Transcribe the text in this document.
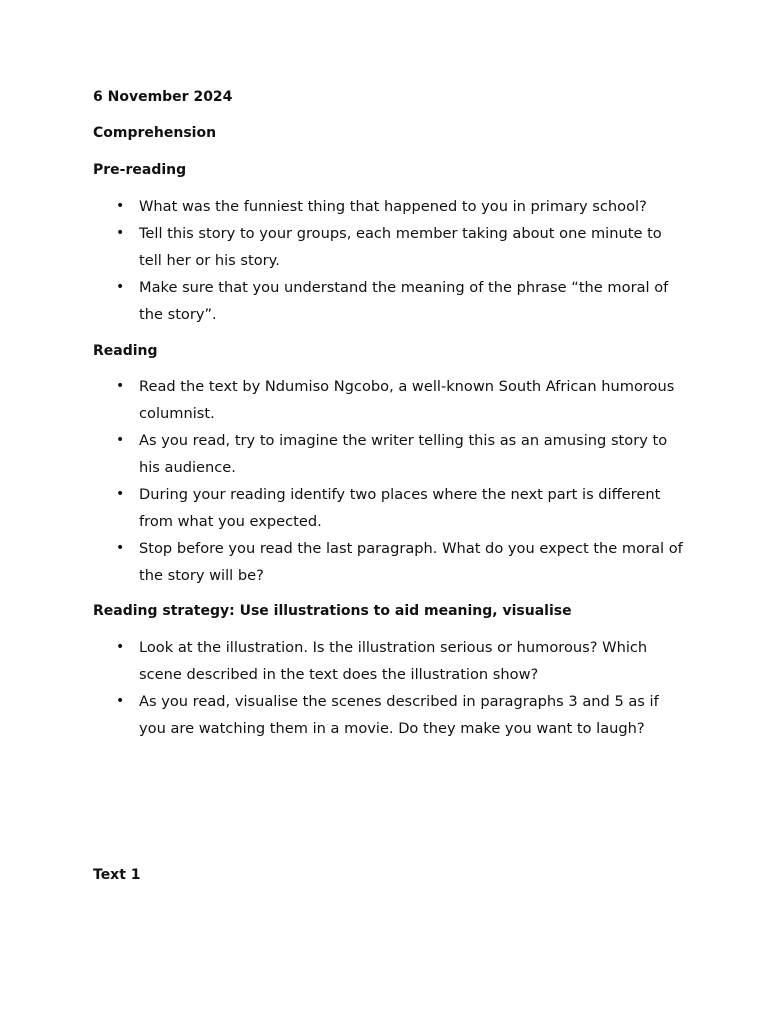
6 November 2024

Comprehension

Pre-reading

• What was the funniest thing that happened to you in primary school?
• Tell this story to your groups, each member taking about one minute to tell her or his story.
• Make sure that you understand the meaning of the phrase “the moral of the story”.

Reading

• Read the text by Ndumiso Ngcobo, a well-known South African humorous columnist.
• As you read, try to imagine the writer telling this as an amusing story to his audience.
• During your reading identify two places where the next part is different from what you expected.
• Stop before you read the last paragraph. What do you expect the moral of the story will be?

Reading strategy: Use illustrations to aid meaning, visualise

• Look at the illustration. Is the illustration serious or humorous? Which scene described in the text does the illustration show?
• As you read, visualise the scenes described in paragraphs 3 and 5 as if you are watching them in a movie. Do they make you want to laugh?

Text 1
